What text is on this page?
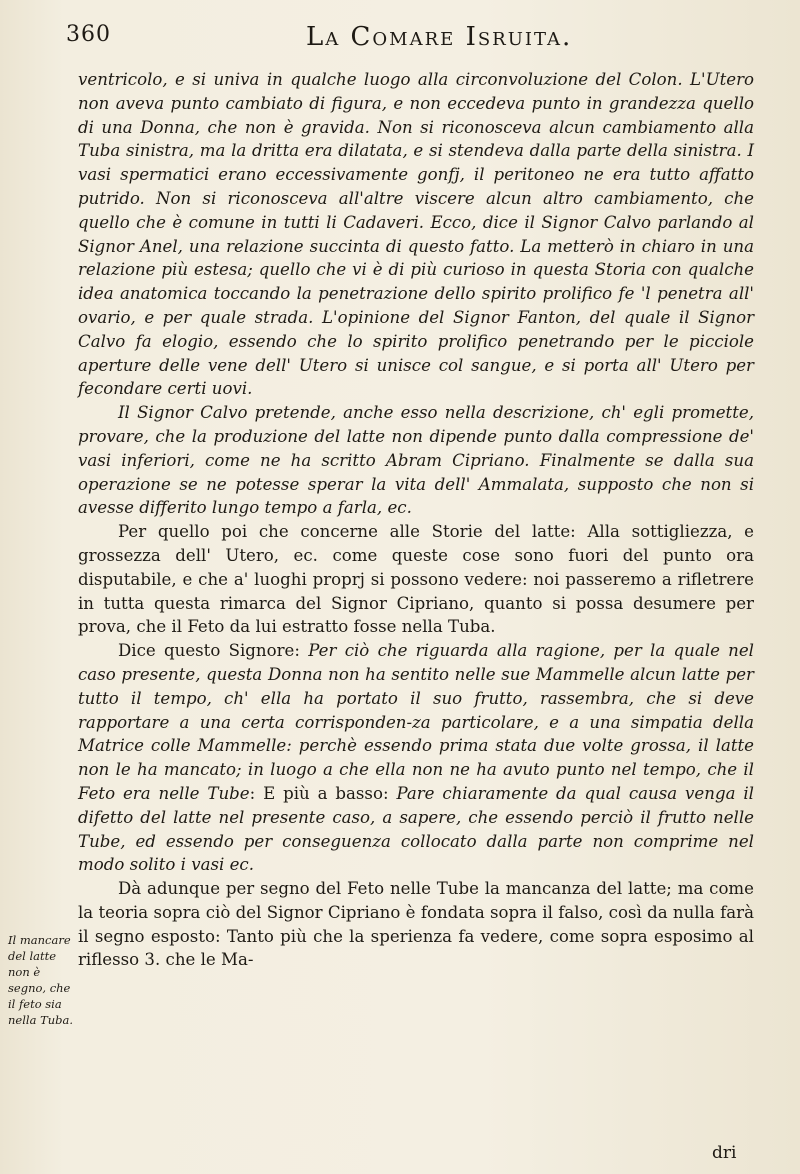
360	La Comare Isruita.

ventricolo, e si univa in qualche luogo alla circonvoluzione del Colon. L'Utero non aveva punto cambiato di figura, e non eccedeva punto in grandezza quello di una Donna, che non è gravida. Non si riconosceva alcun cambiamento alla Tuba sinistra, ma la dritta era dilatata, e si stendeva dalla parte della sinistra. I vasi spermatici erano eccessivamente gonfj, il peritoneo ne era tutto affatto putrido. Non si riconosceva all'altre viscere alcun altro cambiamento, che quello che è comune in tutti li Cadaveri. Ecco, dice il Signor Calvo parlando al Signor Anel, una relazione succinta di questo fatto. La metterò in chiaro in una relazione più estesa; quello che vi è di più curioso in questa Storia con qualche idea anatomica toccando la penetrazione dello spirito prolifico fe 'l penetra all' ovario, e per quale strada. L'opinione del Signor Fanton, del quale il Signor Calvo fa elogio, essendo che lo spirito prolifico penetrando per le picciole aperture delle vene dell' Utero si unisce col sangue, e si porta all' Utero per fecondare certi uovi.

Il Signor Calvo pretende, anche esso nella descrizione, ch' egli promette, provare, che la produzione del latte non dipende punto dalla compressione de' vasi inferiori, come ne ha scritto Abram Cipriano. Finalmente se dalla sua operazione se ne potesse sperar la vita dell' Ammalata, supposto che non si avesse differito lungo tempo a farla, ec.

Per quello poi che concerne alle Storie del latte: Alla sottigliezza, e grossezza dell' Utero, ec. come queste cose sono fuori del punto ora disputabile, e che a' luoghi proprj si possono vedere: noi passeremo a rifletrere in tutta questa rimarca del Signor Cipriano, quanto si possa desumere per prova, che il Feto da lui estratto fosse nella Tuba.

Dice questo Signore: Per ciò che riguarda alla ragione, per la quale nel caso presente, questa Donna non ha sentito nelle sue Mammelle alcun latte per tutto il tempo, ch' ella ha portato il suo frutto, rassembra, che si deve rapportare a una certa corrisponden-za particolare, e a una simpatia della Matrice colle Mammelle: perchè essendo prima stata due volte grossa, il latte non le ha mancato; in luogo a che ella non ne ha avuto punto nel tempo, che il Feto era nelle Tube: E più a basso: Pare chiaramente da qual causa venga il difetto del latte nel presente caso, a sapere, che essendo perciò il frutto nelle Tube, ed essendo per conseguenza collocato dalla parte non comprime nel modo solito i vasi ec.

Dà adunque per segno del Feto nelle Tube la mancanza del latte; ma come la teoria sopra ciò del Signor Cipriano è fondata sopra il falso, così da nulla farà il segno esposto: Tanto più che la sperienza fa vedere, come sopra esposimo al riflesso 3. che le Ma-

Il mancare del latte non è segno, che il feto sia nella Tuba.
dri
